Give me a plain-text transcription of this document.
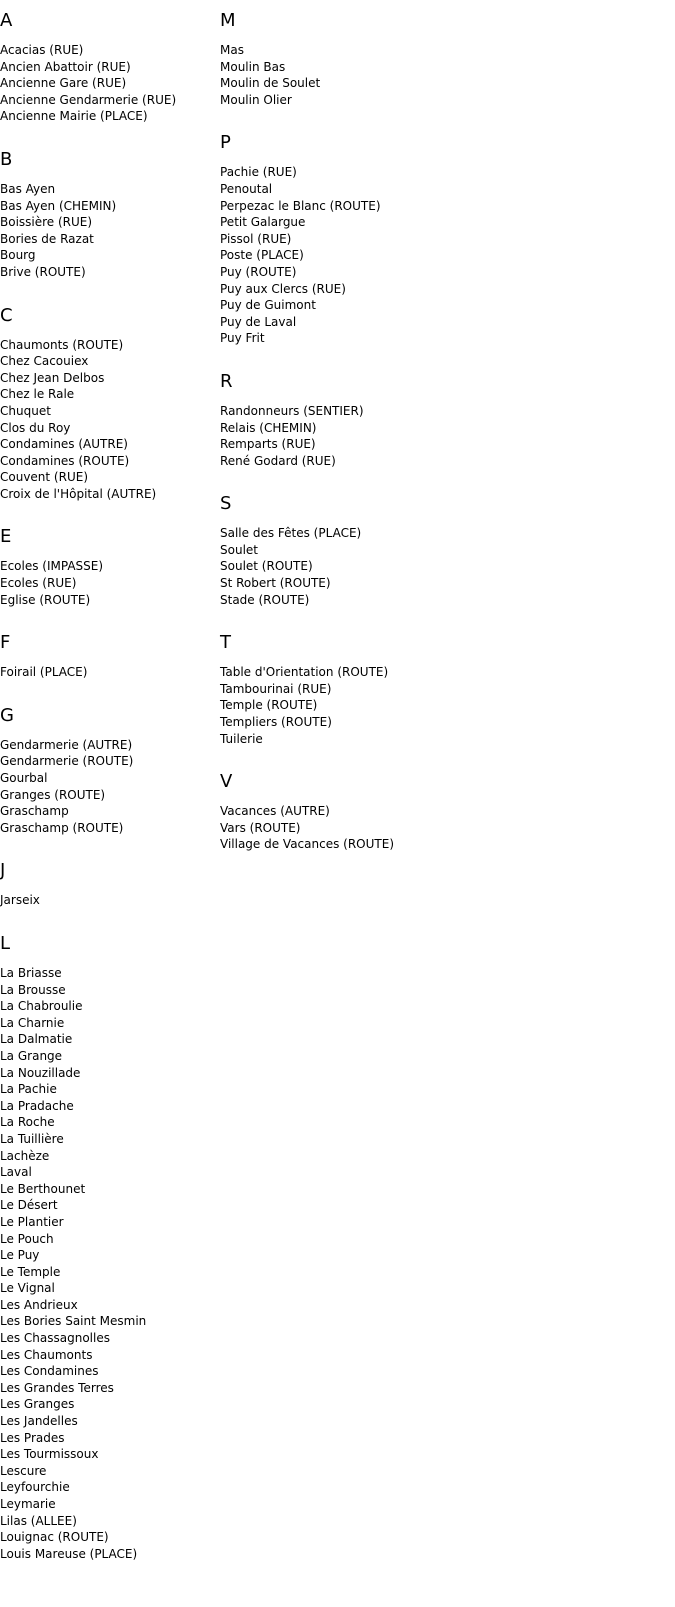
A
Acacias (RUE)
Ancien Abattoir (RUE)
Ancienne Gare (RUE)
Ancienne Gendarmerie (RUE)
Ancienne Mairie (PLACE)
B
Bas Ayen
Bas Ayen (CHEMIN)
Boissière (RUE)
Bories de Razat
Bourg
Brive (ROUTE)
C
Chaumonts (ROUTE)
Chez Cacouiex
Chez Jean Delbos
Chez le Rale
Chuquet
Clos du Roy
Condamines (AUTRE)
Condamines (ROUTE)
Couvent (RUE)
Croix de l'Hôpital (AUTRE)
E
Ecoles (IMPASSE)
Ecoles (RUE)
Eglise (ROUTE)
F
Foirail (PLACE)
G
Gendarmerie (AUTRE)
Gendarmerie (ROUTE)
Gourbal
Granges (ROUTE)
Graschamp
Graschamp (ROUTE)
J
Jarseix
L
La Briasse
La Brousse
La Chabroulie
La Charnie
La Dalmatie
La Grange
La Nouzillade
La Pachie
La Pradache
La Roche
La Tuillière
Lachèze
Laval
Le Berthounet
Le Désert
Le Plantier
Le Pouch
Le Puy
Le Temple
Le Vignal
Les Andrieux
Les Bories Saint Mesmin
Les Chassagnolles
Les Chaumonts
Les Condamines
Les Grandes Terres
Les Granges
Les Jandelles
Les Prades
Les Tourmissoux
Lescure
Leyfourchie
Leymarie
Lilas (ALLEE)
Louignac (ROUTE)
Louis Mareuse (PLACE)
M
Mas
Moulin Bas
Moulin de Soulet
Moulin Olier
P
Pachie (RUE)
Penoutal
Perpezac le Blanc (ROUTE)
Petit Galargue
Pissol (RUE)
Poste (PLACE)
Puy (ROUTE)
Puy aux Clercs (RUE)
Puy de Guimont
Puy de Laval
Puy Frit
R
Randonneurs (SENTIER)
Relais (CHEMIN)
Remparts (RUE)
René Godard (RUE)
S
Salle des Fêtes (PLACE)
Soulet
Soulet (ROUTE)
St Robert (ROUTE)
Stade (ROUTE)
T
Table d'Orientation (ROUTE)
Tambourinai (RUE)
Temple (ROUTE)
Templiers (ROUTE)
Tuilerie
V
Vacances (AUTRE)
Vars (ROUTE)
Village de Vacances (ROUTE)
